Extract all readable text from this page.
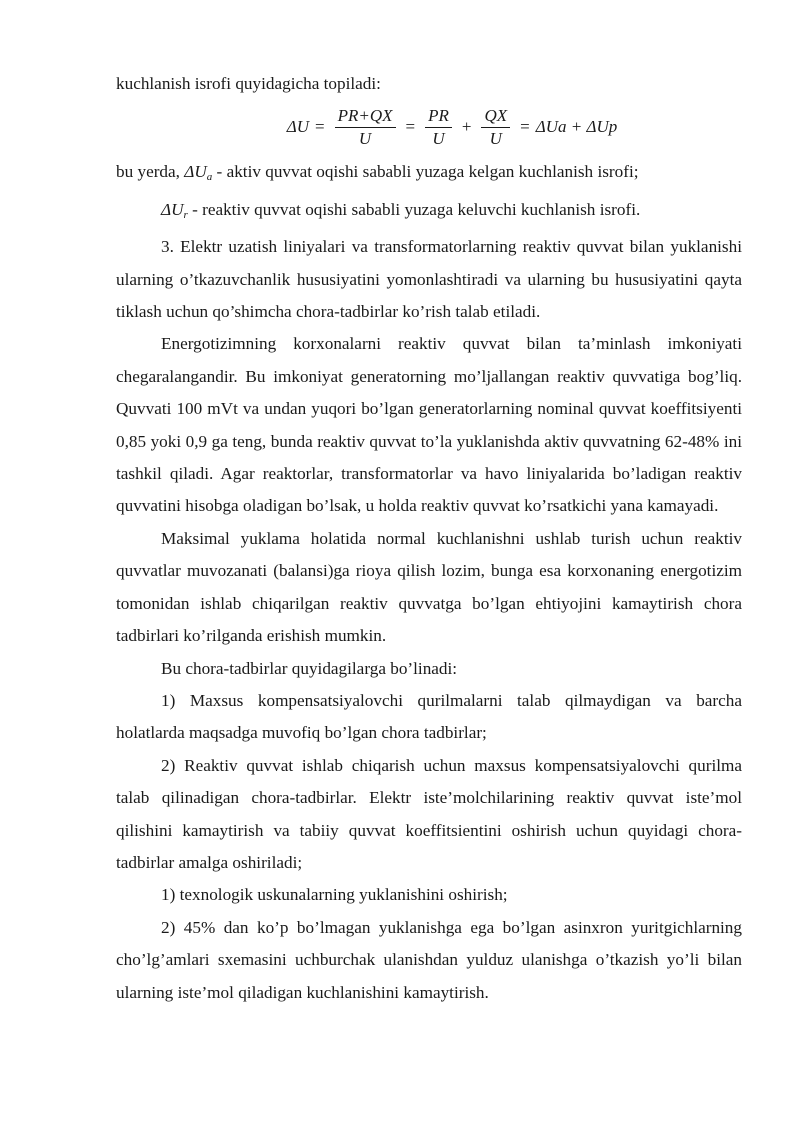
kuchlanish isrofi quyidagicha topiladi:

$\Delta U = \frac{PR+QX}{U} = \frac{PR}{U} + \frac{QX}{U} = \Delta Ua + \Delta Up$

bu yerda, $\Delta U_a$ - aktiv quvvat oqishi sababli yuzaga kelgan kuchlanish isrofi;

$\Delta U_r$ - reaktiv quvvat oqishi sababli yuzaga keluvchi kuchlanish isrofi.

3. Elektr uzatish liniyalari va transformatorlarning reaktiv quvvat bilan yuklanishi ularning o’tkazuvchanlik hususiyatini yomonlashtiradi va ularning bu hususiyatini qayta tiklash uchun qo’shimcha chora-tadbirlar ko’rish talab etiladi.

Energotizimning korxonalarni reaktiv quvvat bilan ta’minlash imkoniyati chegaralangandir. Bu imkoniyat generatorning mo’ljallangan reaktiv quvvatiga bog’liq. Quvvati 100 mVt va undan yuqori bo’lgan generatorlarning nominal quvvat koeffitsiyenti 0,85 yoki 0,9 ga teng, bunda reaktiv quvvat to’la yuklanishda aktiv quvvatning 62-48% ini tashkil qiladi. Agar reaktorlar, transformatorlar va havo liniyalarida bo’ladigan reaktiv quvvatini hisobga oladigan bo’lsak, u holda reaktiv quvvat ko’rsatkichi yana kamayadi.

Maksimal yuklama holatida normal kuchlanishni ushlab turish uchun reaktiv quvvatlar muvozanati (balansi)ga rioya qilish lozim, bunga esa korxonaning energotizim tomonidan ishlab chiqarilgan reaktiv quvvatga bo’lgan ehtiyojini kamaytirish chora tadbirlari ko’rilganda erishish mumkin.

Bu chora-tadbirlar quyidagilarga bo’linadi:

1) Maxsus kompensatsiyalovchi qurilmalarni talab qilmaydigan va barcha holatlarda maqsadga muvofiq bo’lgan chora tadbirlar;

2) Reaktiv quvvat ishlab chiqarish uchun maxsus kompensatsiyalovchi qurilma talab qilinadigan chora-tadbirlar. Elektr iste’molchilarining reaktiv quvvat iste’mol qilishini kamaytirish va tabiiy quvvat koeffitsientini oshirish uchun quyidagi chora-tadbirlar amalga oshiriladi;

1) texnologik uskunalarning yuklanishini oshirish;

2) 45% dan ko’p bo’lmagan yuklanishga ega bo’lgan asinxron yuritgichlarning cho’lg’amlari sxemasini uchburchak ulanishdan yulduz ulanishga o’tkazish yo’li bilan ularning iste’mol qiladigan kuchlanishini kamaytirish.
